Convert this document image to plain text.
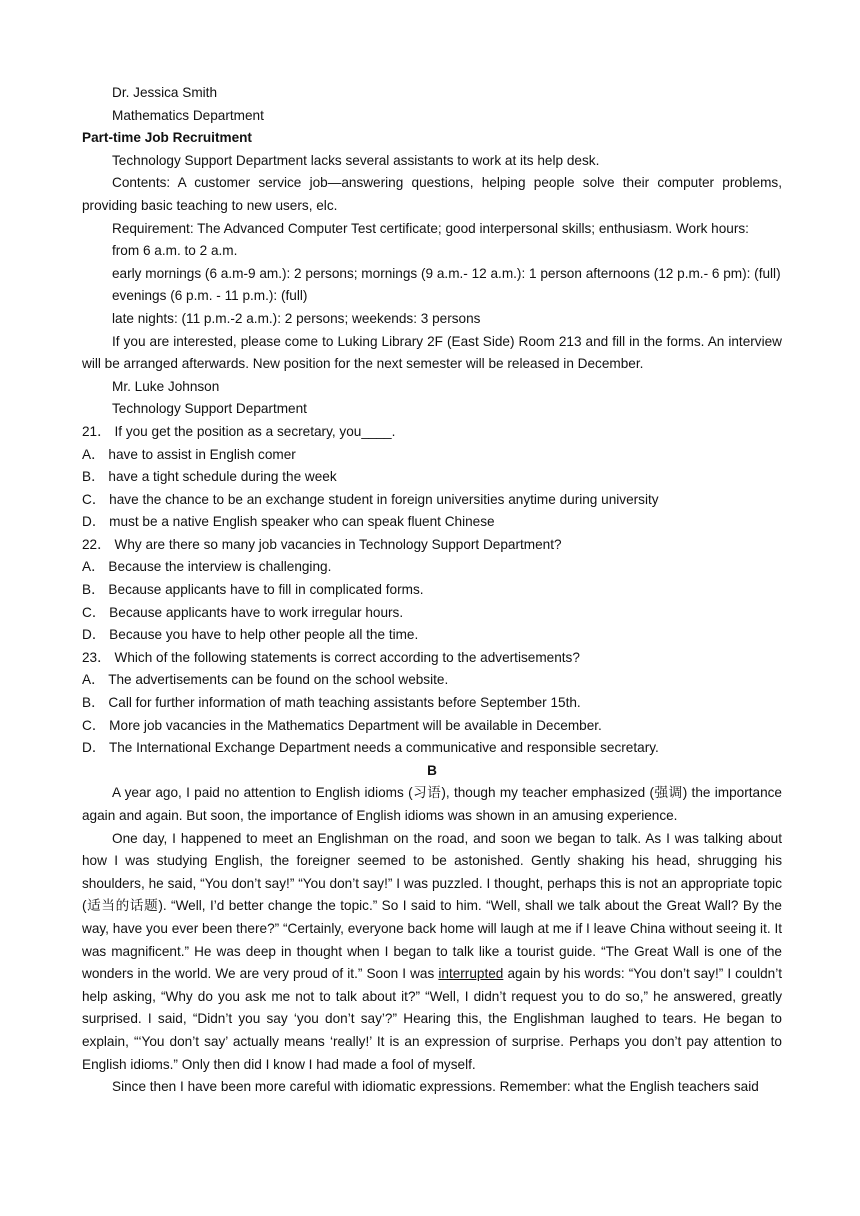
Dr. Jessica Smith
Mathematics Department
Part-time Job Recruitment
Technology Support Department lacks several assistants to work at its help desk.
Contents: A customer service job—answering questions, helping people solve their computer problems, providing basic teaching to new users, elc.
Requirement: The Advanced Computer Test certificate; good interpersonal skills; enthusiasm. Work hours:
from 6 a.m. to 2 a.m.
early mornings (6 a.m-9 am.): 2 persons; mornings (9 a.m.- 12 a.m.): 1 person afternoons (12 p.m.- 6 pm): (full)
evenings (6 p.m. - 11 p.m.): (full)
late nights: (11 p.m.-2 a.m.): 2 persons; weekends: 3 persons
If you are interested, please come to Luking Library 2F (East Side) Room 213 and fill in the forms. An interview will be arranged afterwards. New position for the next semester will be released in December.
Mr. Luke Johnson
Technology Support Department
21． If you get the position as a secretary, you____.
A． have to assist in English comer
B． have a tight schedule during the week
C． have the chance to be an exchange student in foreign universities anytime during university
D． must be a native English speaker who can speak fluent Chinese
22． Why are there so many job vacancies in Technology Support Department?
A． Because the interview is challenging.
B． Because applicants have to fill in complicated forms.
C． Because applicants have to work irregular hours.
D． Because you have to help other people all the time.
23． Which of the following statements is correct according to the advertisements?
A． The advertisements can be found on the school website.
B． Call for further information of math teaching assistants before September 15th.
C． More job vacancies in the Mathematics Department will be available in December.
D． The International Exchange Department needs a communicative and responsible secretary.
B
A year ago, I paid no attention to English idioms (习语), though my teacher emphasized (强调) the importance again and again. But soon, the importance of English idioms was shown in an amusing experience.
One day, I happened to meet an Englishman on the road, and soon we began to talk. As I was talking about how I was studying English, the foreigner seemed to be astonished. Gently shaking his head, shrugging his shoulders, he said, “You don’t say!” “You don’t say!” I was puzzled. I thought, perhaps this is not an appropriate topic (适当的话题). “Well, I’d better change the topic.” So I said to him. “Well, shall we talk about the Great Wall? By the way, have you ever been there?” “Certainly, everyone back home will laugh at me if I leave China without seeing it. It was magnificent.” He was deep in thought when I began to talk like a tourist guide. “The Great Wall is one of the wonders in the world. We are very proud of it.” Soon I was interrupted again by his words: “You don’t say!” I couldn’t help asking, “Why do you ask me not to talk about it?” “Well, I didn’t request you to do so,” he answered, greatly surprised. I said, “Didn’t you say ‘you don’t say’?” Hearing this, the Englishman laughed to tears. He began to explain, “‘You don’t say’ actually means ‘really!’ It is an expression of surprise. Perhaps you don’t pay attention to English idioms.” Only then did I know I had made a fool of myself.
Since then I have been more careful with idiomatic expressions. Remember: what the English teachers said
